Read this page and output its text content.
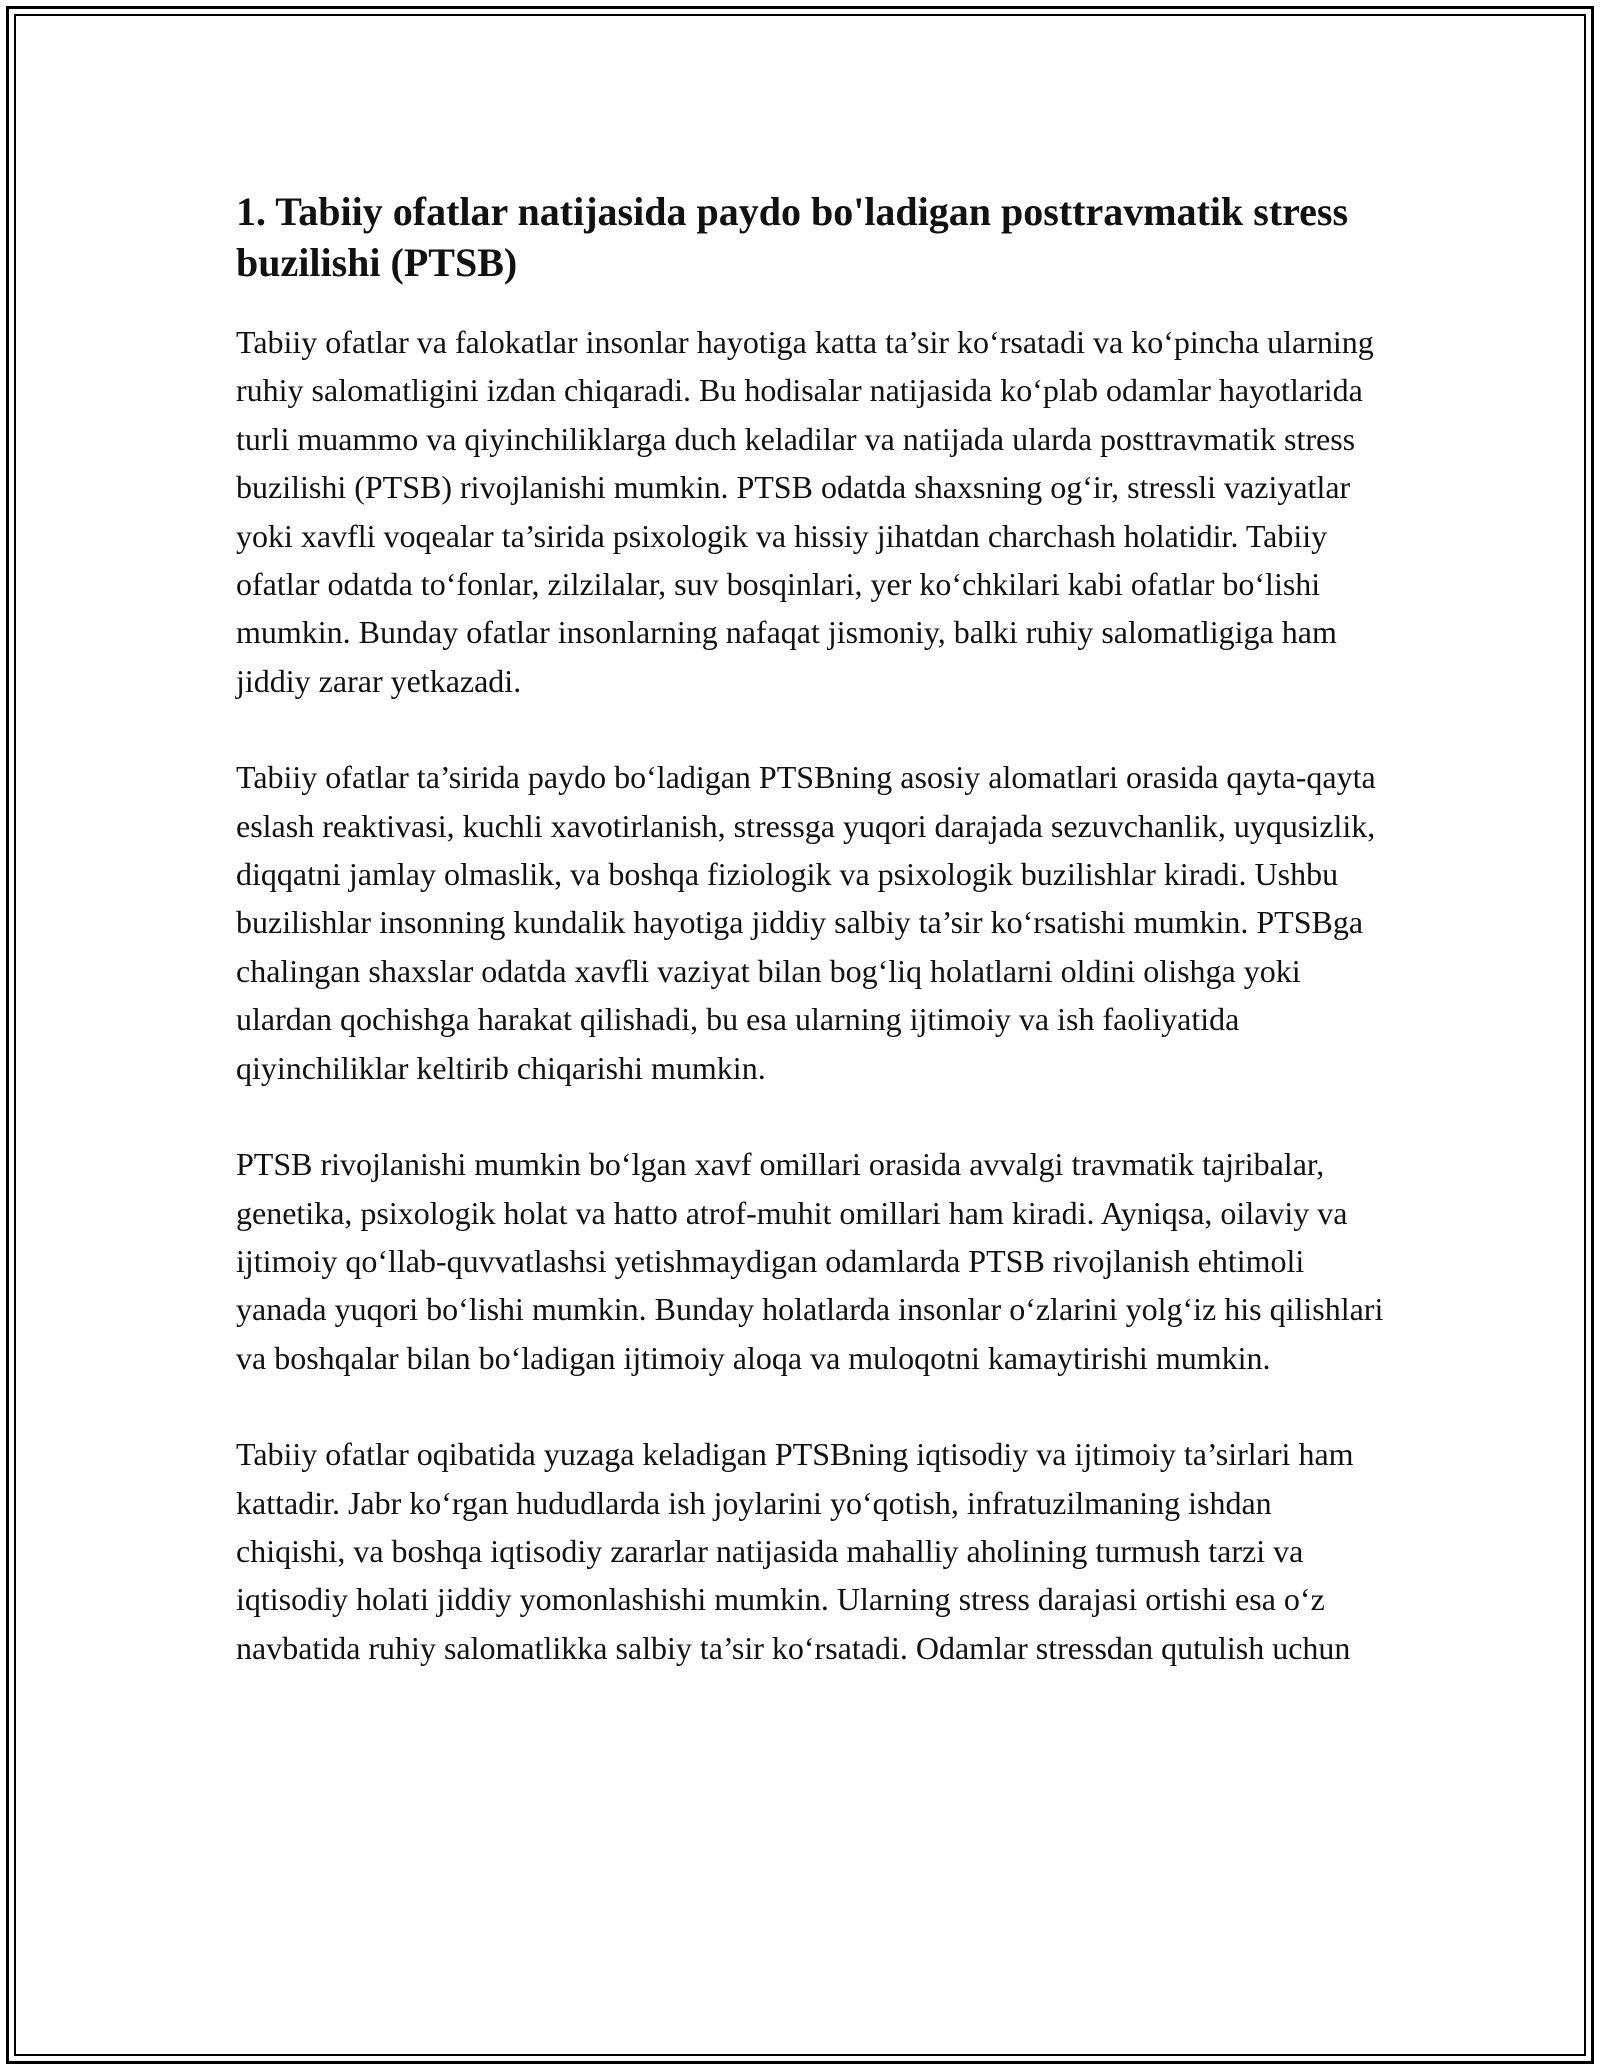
1. Tabiiy ofatlar natijasida paydo bo'ladigan posttravmatik stress buzilishi (PTSB)

Tabiiy ofatlar va falokatlar insonlar hayotiga katta ta’sir koʻrsatadi va koʻpincha ularning ruhiy salomatligini izdan chiqaradi. Bu hodisalar natijasida koʻplab odamlar hayotlarida turli muammo va qiyinchiliklarga duch keladilar va natijada ularda posttravmatik stress buzilishi (PTSB) rivojlanishi mumkin. PTSB odatda shaxsning ogʻir, stressli vaziyatlar yoki xavfli voqealar ta’sirida psixologik va hissiy jihatdan charchash holatidir. Tabiiy ofatlar odatda toʻfonlar, zilzilalar, suv bosqinlari, yer koʻchkilari kabi ofatlar boʻlishi mumkin. Bunday ofatlar insonlarning nafaqat jismoniy, balki ruhiy salomatligiga ham jiddiy zarar yetkazadi.

Tabiiy ofatlar ta’sirida paydo boʻladigan PTSBning asosiy alomatlari orasida qayta-qayta eslash reaktivasi, kuchli xavotirlanish, stressga yuqori darajada sezuvchanlik, uyqusizlik, diqqatni jamlay olmaslik, va boshqa fiziologik va psixologik buzilishlar kiradi. Ushbu buzilishlar insonning kundalik hayotiga jiddiy salbiy ta’sir koʻrsatishi mumkin. PTSBga chalingan shaxslar odatda xavfli vaziyat bilan bogʻliq holatlarni oldini olishga yoki ulardan qochishga harakat qilishadi, bu esa ularning ijtimoiy va ish faoliyatida qiyinchiliklar keltirib chiqarishi mumkin.

PTSB rivojlanishi mumkin boʻlgan xavf omillari orasida avvalgi travmatik tajribalar, genetika, psixologik holat va hatto atrof-muhit omillari ham kiradi. Ayniqsa, oilaviy va ijtimoiy qoʻllab-quvvatlashsi yetishmaydigan odamlarda PTSB rivojlanish ehtimoli yanada yuqori boʻlishi mumkin. Bunday holatlarda insonlar oʻzlarini yolgʻiz his qilishlari va boshqalar bilan boʻladigan ijtimoiy aloqa va muloqotni kamaytirishi mumkin.

Tabiiy ofatlar oqibatida yuzaga keladigan PTSBning iqtisodiy va ijtimoiy ta’sirlari ham kattadir. Jabr koʻrgan hududlarda ish joylarini yoʻqotish, infratuzilmaning ishdan chiqishi, va boshqa iqtisodiy zararlar natijasida mahalliy aholining turmush tarzi va iqtisodiy holati jiddiy yomonlashishi mumkin. Ularning stress darajasi ortishi esa oʻz navbatida ruhiy salomatlikka salbiy ta’sir koʻrsatadi. Odamlar stressdan qutulish uchun
